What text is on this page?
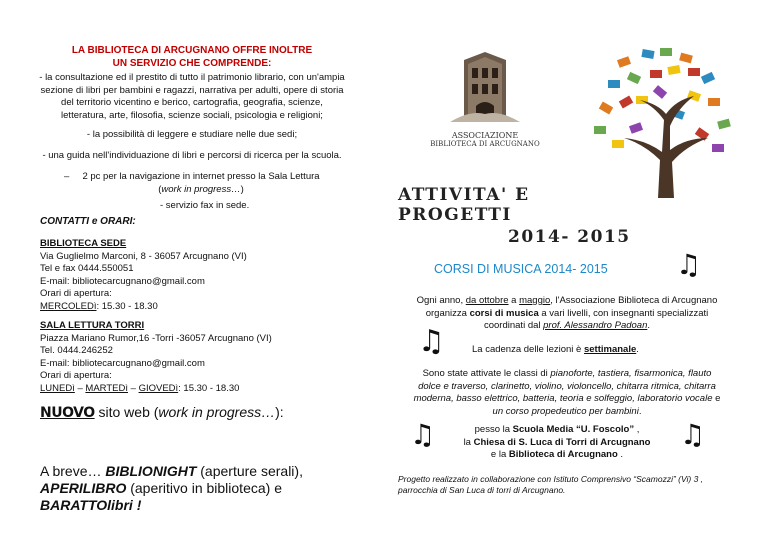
LA BIBLIOTECA DI ARCUGNANO OFFRE INOLTRE
UN SERVIZIO CHE COMPRENDE:
- la consultazione ed il prestito di tutto il patrimonio librario, con un'ampia
sezione di libri per bambini e ragazzi, narrativa per adulti, opere di storia
del territorio vicentino e berico, cartografia, geografia, scienze,
letteratura, arte, filosofia, scienze sociali, psicologia e religioni;
- la possibilità di leggere e studiare nelle due sedi;
- una guida nell'individuazione di libri e percorsi di ricerca per la scuola.
–	2 pc per la navigazione in internet presso la Sala Lettura
(work in progress…)
- servizio fax in sede.
CONTATTI e ORARI:
BIBLIOTECA SEDE
Via Guglielmo Marconi, 8 - 36057 Arcugnano (VI)
Tel e fax 0444.550051
E-mail: bibliotecarcugnano@gmail.com
Orari di apertura:
MERCOLEDì: 15.30 - 18.30
SALA LETTURA TORRI
Piazza Mariano Rumor,16 -Torri -36057 Arcugnano (VI)
Tel. 0444.246252
E-mail: bibliotecarcugnano@gmail.com
Orari di apertura:
LUNEDì – MARTEDì – GIOVEDì: 15.30 - 18.30
NUOVO sito web (work in progress…):
A breve… BIBLIONIGHT (aperture serali),
APERILIBRO (aperitivo in biblioteca) e
BARATTOlibri !
ASSOCIAZIONE
BIBLIOTECA DI ARCUGNANO
ATTIVITA' E
PROGETTI
2014- 2015
CORSI DI MUSICA 2014- 2015 ♫
Ogni anno, da ottobre a maggio, l'Associazione Biblioteca di Arcugnano
organizza corsi di musica a vari livelli, con insegnanti specializzati
coordinati dal prof. Alessandro Padoan.
♫	La cadenza delle lezioni è settimanale.
Sono state attivate le classi di pianoforte, tastiera, fisarmonica, flauto
dolce e traverso, clarinetto, violino, violoncello, chitarra ritmica, chitarra
moderna, basso elettrico, batteria, teoria e solfeggio, laboratorio vocale e
un corso propedeutico per bambini.
♫	♫
pesso la Scuola Media “U. Foscolo” ,
la Chiesa di S. Luca di Torri di Arcugnano
e la Biblioteca di Arcugnano .
Progetto realizzato in collaborazione con Istituto Comprensivo “Scamozzi” (Vi) 3 ,
parrocchia di San Luca di torri di Arcugnano.
